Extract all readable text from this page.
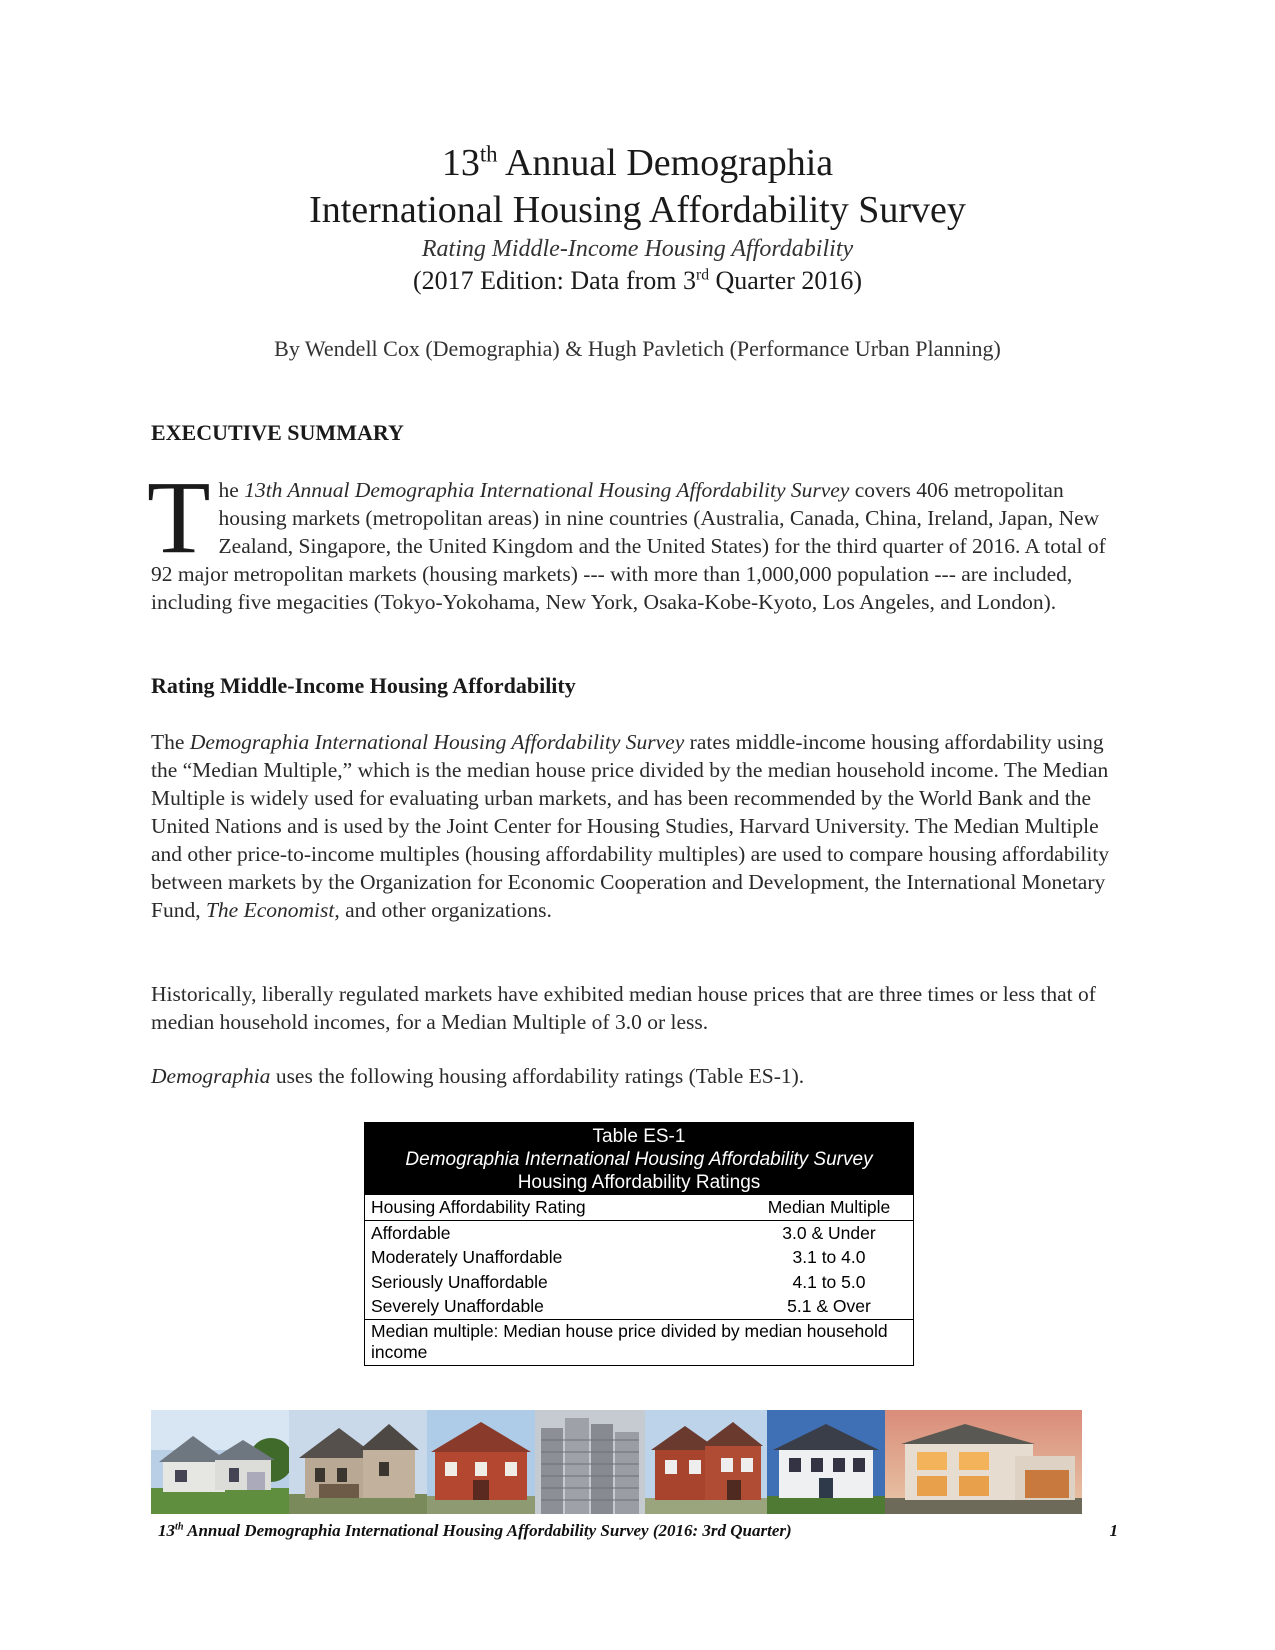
13th Annual Demographia
International Housing Affordability Survey
Rating Middle-Income Housing Affordability
(2017 Edition: Data from 3rd Quarter 2016)
By Wendell Cox (Demographia) & Hugh Pavletich (Performance Urban Planning)
EXECUTIVE SUMMARY
The 13th Annual Demographia International Housing Affordability Survey covers 406 metropolitan housing markets (metropolitan areas) in nine countries (Australia, Canada, China, Ireland, Japan, New Zealand, Singapore, the United Kingdom and the United States) for the third quarter of 2016. A total of 92 major metropolitan markets (housing markets) --- with more than 1,000,000 population --- are included, including five megacities (Tokyo-Yokohama, New York, Osaka-Kobe-Kyoto, Los Angeles, and London).
Rating Middle-Income Housing Affordability
The Demographia International Housing Affordability Survey rates middle-income housing affordability using the “Median Multiple,” which is the median house price divided by the median household income. The Median Multiple is widely used for evaluating urban markets, and has been recommended by the World Bank and the United Nations and is used by the Joint Center for Housing Studies, Harvard University. The Median Multiple and other price-to-income multiples (housing affordability multiples) are used to compare housing affordability between markets by the Organization for Economic Cooperation and Development, the International Monetary Fund, The Economist, and other organizations.
Historically, liberally regulated markets have exhibited median house prices that are three times or less that of median household incomes, for a Median Multiple of 3.0 or less.
Demographia uses the following housing affordability ratings (Table ES-1).
Table ES-1
Demographia International Housing Affordability Survey
Housing Affordability Ratings
Housing Affordability Rating	Median Multiple
Affordable	3.0 & Under
Moderately Unaffordable	3.1 to 4.0
Seriously Unaffordable	4.1 to 5.0
Severely Unaffordable	5.1 & Over
Median multiple: Median house price divided by median household income
13th Annual Demographia International Housing Affordability Survey (2016: 3rd Quarter)	1
